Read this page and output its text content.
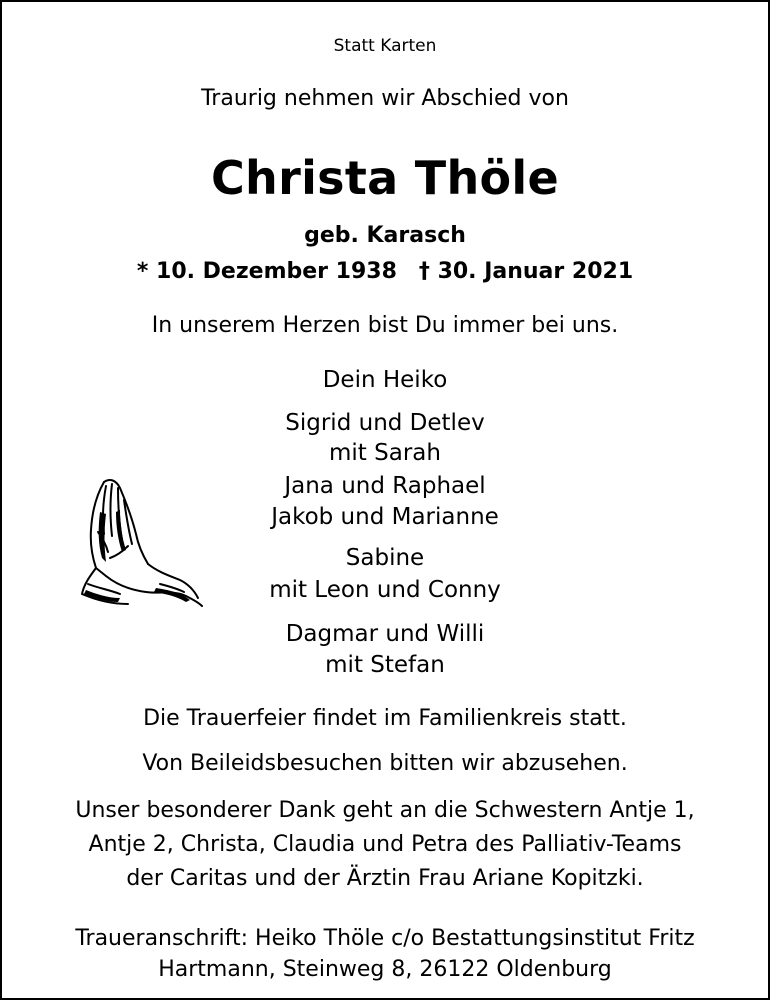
Statt Karten
Traurig nehmen wir Abschied von
Christa Thöle
geb. Karasch
* 10. Dezember 1938 † 30. Januar 2021
In unserem Herzen bist Du immer bei uns.
Dein Heiko
Sigrid und Detlev
mit Sarah
Jana und Raphael
Jakob und Marianne
Sabine
mit Leon und Conny
Dagmar und Willi
mit Stefan
Die Trauerfeier findet im Familienkreis statt.
Von Beileidsbesuchen bitten wir abzusehen.
Unser besonderer Dank geht an die Schwestern Antje 1,
Antje 2, Christa, Claudia und Petra des Palliativ-Teams
der Caritas und der Ärztin Frau Ariane Kopitzki.
Traueranschrift: Heiko Thöle c/o Bestattungsinstitut Fritz
Hartmann, Steinweg 8, 26122 Oldenburg
